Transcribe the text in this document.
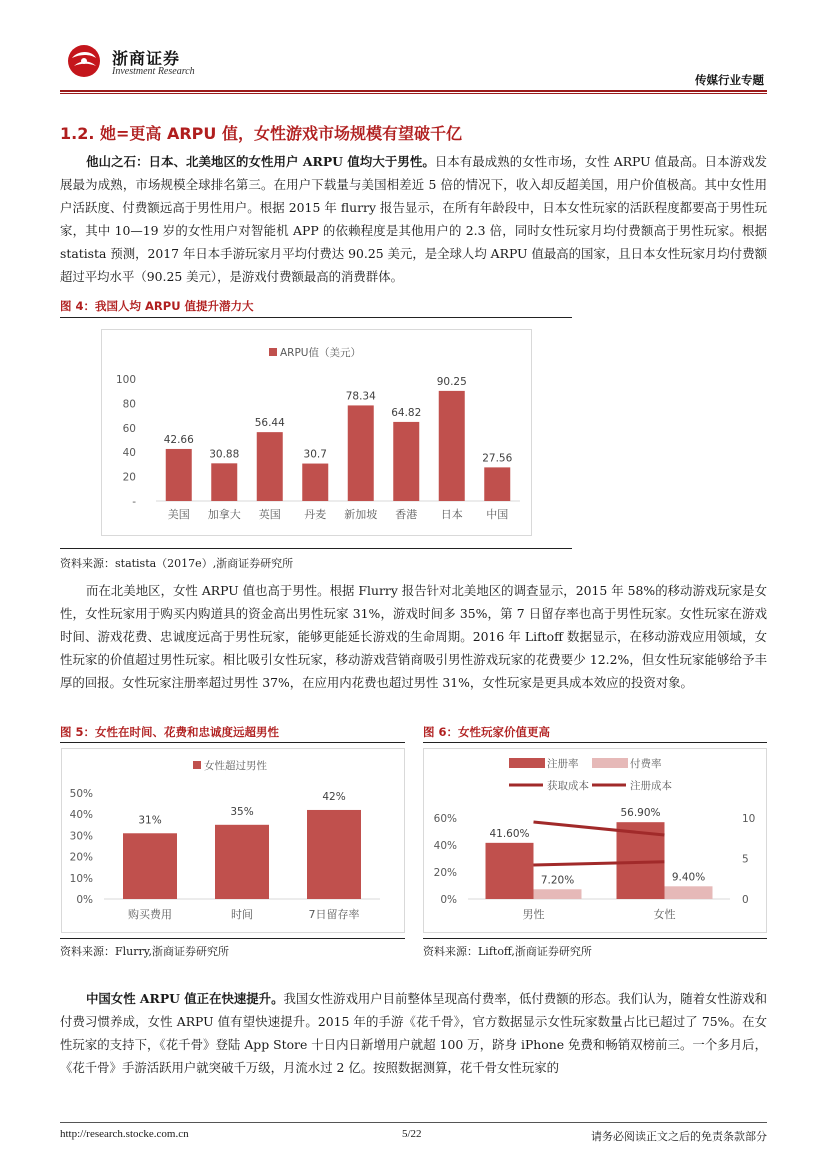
浙商证券
Investment Research
传媒行业专题
1.2. 她=更高 ARPU 值，女性游戏市场规模有望破千亿
他山之石：日本、北美地区的女性用户 ARPU 值均大于男性。日本有最成熟的女性市场，女性 ARPU 值最高。日本游戏发展最为成熟，市场规模全球排名第三。在用户下载量与美国相差近 5 倍的情况下，收入却反超美国，用户价值极高。其中女性用户活跃度、付费额远高于男性用户。根据 2015 年 flurry 报告显示，在所有年龄段中，日本女性玩家的活跃程度都要高于男性玩家，其中 10—19 岁的女性用户对智能机 APP 的依赖程度是其他用户的 2.3 倍，同时女性玩家月均付费额高于男性玩家。根据 statista 预测，2017 年日本手游玩家月平均付费达 90.25 美元，是全球人均 ARPU 值最高的国家，且日本女性玩家月均付费额超过平均水平（90.25 美元），是游戏付费额最高的消费群体。
图 4：我国人均 ARPU 值提升潜力大
ARPU值（美元）
100
80
60
40
20
-
42.66
美国
30.88
加拿大
56.44
英国
30.7
丹麦
78.34
新加坡
64.82
香港
90.25
日本
27.56
中国
资料来源：statista（2017e）,浙商证券研究所
而在北美地区，女性 ARPU 值也高于男性。根据 Flurry 报告针对北美地区的调查显示，2015 年 58%的移动游戏玩家是女性，女性玩家用于购买内购道具的资金高出男性玩家 31%，游戏时间多 35%，第 7 日留存率也高于男性玩家。女性玩家在游戏时间、游戏花费、忠诚度远高于男性玩家，能够更能延长游戏的生命周期。2016 年 Liftoff 数据显示，在移动游戏应用领域，女性玩家的价值超过男性玩家。相比吸引女性玩家，移动游戏营销商吸引男性游戏玩家的花费要少 12.2%，但女性玩家能够给予丰厚的回报。女性玩家注册率超过男性 37%，在应用内花费也超过男性 31%，女性玩家是更具成本效应的投资对象。
图 5：女性在时间、花费和忠诚度远超男性
女性超过男性
50%
40%
30%
20%
10%
0%
31%
购买费用
35%
时间
42%
7日留存率
资料来源：Flurry,浙商证券研究所
图 6：女性玩家价值更高
注册率	付费率
获取成本	注册成本
60%
40%
20%
0%
10
5
0
41.60%
7.20%
男性
56.90%
9.40%
女性
资料来源：Liftoff,浙商证券研究所
中国女性 ARPU 值正在快速提升。我国女性游戏用户目前整体呈现高付费率，低付费额的形态。我们认为，随着女性游戏和付费习惯养成，女性 ARPU 值有望快速提升。2015 年的手游《花千骨》，官方数据显示女性玩家数量占比已超过了 75%。在女性玩家的支持下，《花千骨》登陆 App Store 十日内日新增用户就超 100 万，跻身 iPhone 免费和畅销双榜前三。一个多月后，《花千骨》手游活跃用户就突破千万级，月流水过 2 亿。按照数据测算，花千骨女性玩家的
http://research.stocke.com.cn	5/22	请务必阅读正文之后的免责条款部分
